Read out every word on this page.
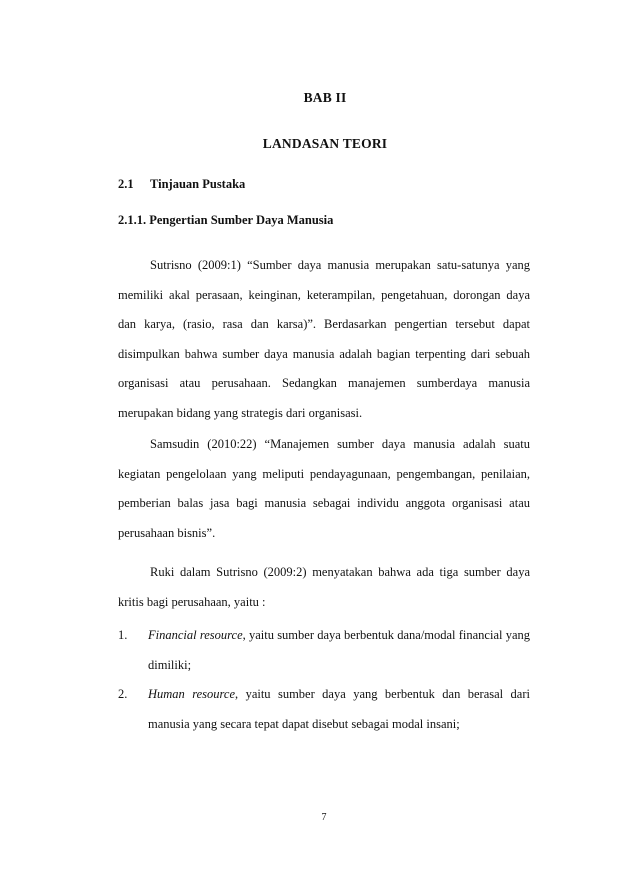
BAB II
LANDASAN TEORI
2.1 Tinjauan Pustaka
2.1.1. Pengertian Sumber Daya Manusia

Sutrisno (2009:1) “Sumber daya manusia merupakan satu-satunya yang memiliki akal perasaan, keinginan, keterampilan, pengetahuan, dorongan daya dan karya, (rasio, rasa dan karsa)”. Berdasarkan pengertian tersebut dapat disimpulkan bahwa sumber daya manusia adalah bagian terpenting dari sebuah organisasi atau perusahaan. Sedangkan manajemen sumberdaya manusia merupakan bidang yang strategis dari organisasi.

Samsudin (2010:22) “Manajemen sumber daya manusia adalah suatu kegiatan pengelolaan yang meliputi pendayagunaan, pengembangan, penilaian, pemberian balas jasa bagi manusia sebagai individu anggota organisasi atau perusahaan bisnis”.

Ruki dalam Sutrisno (2009:2) menyatakan bahwa ada tiga sumber daya kritis bagi perusahaan, yaitu :

1. Financial resource, yaitu sumber daya berbentuk dana/modal financial yang dimiliki;
2. Human resource, yaitu sumber daya yang berbentuk dan berasal dari manusia yang secara tepat dapat disebut sebagai modal insani;
7
